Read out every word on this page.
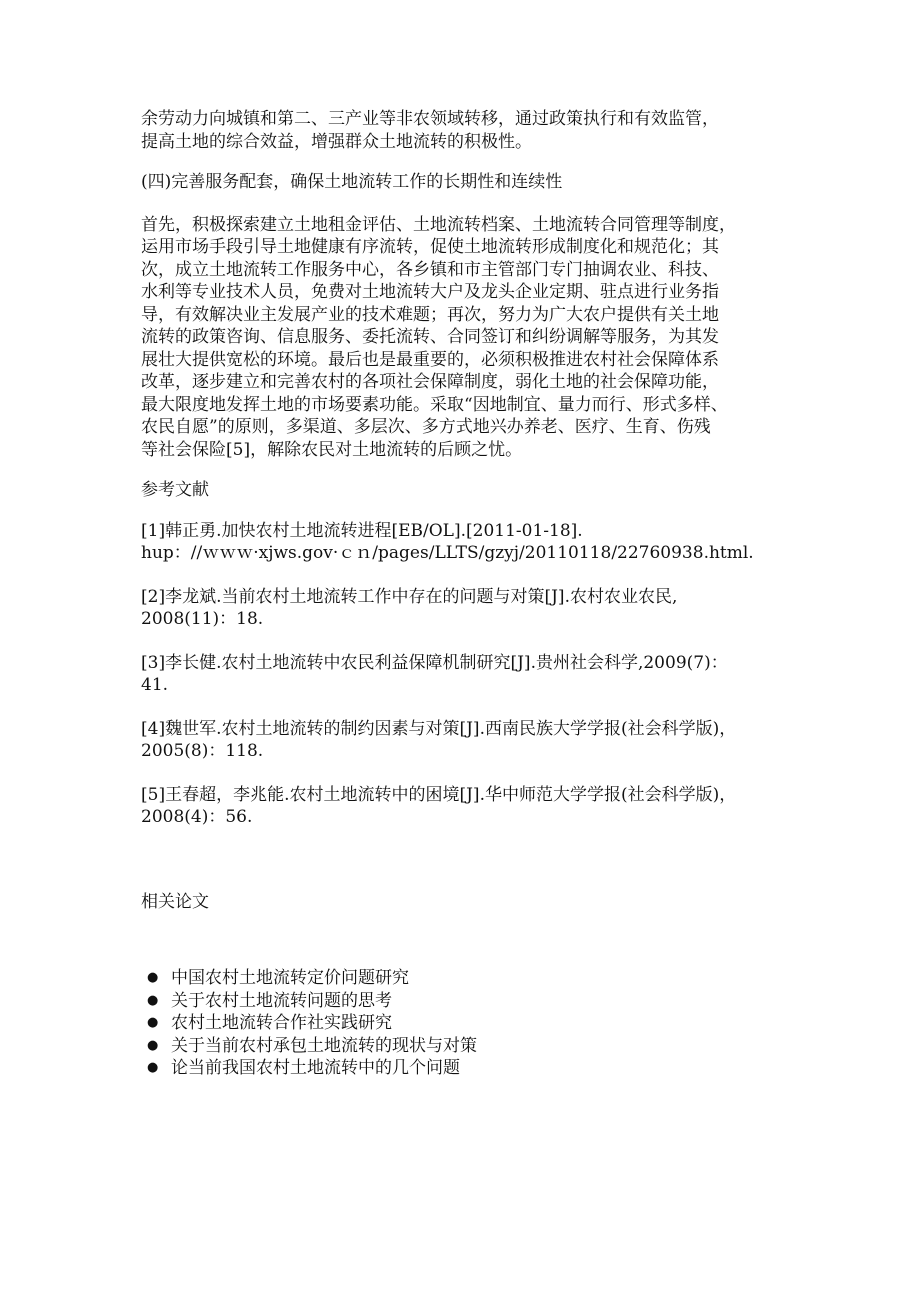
余劳动力向城镇和第二、三产业等非农领域转移，通过政策执行和有效监管，
提高土地的综合效益，增强群众土地流转的积极性。

(四)完善服务配套，确保土地流转工作的长期性和连续性

首先，积极探索建立土地租金评估、土地流转档案、土地流转合同管理等制度，
运用市场手段引导土地健康有序流转，促使土地流转形成制度化和规范化；其
次，成立土地流转工作服务中心，各乡镇和市主管部门专门抽调农业、科技、
水利等专业技术人员，免费对土地流转大户及龙头企业定期、驻点进行业务指
导，有效解决业主发展产业的技术难题；再次，努力为广大农户提供有关土地
流转的政策咨询、信息服务、委托流转、合同签订和纠纷调解等服务，为其发
展壮大提供宽松的环境。最后也是最重要的，必须积极推进农村社会保障体系
改革，逐步建立和完善农村的各项社会保障制度，弱化土地的社会保障功能，
最大限度地发挥土地的市场要素功能。采取“因地制宜、量力而行、形式多样、
农民自愿”的原则，多渠道、多层次、多方式地兴办养老、医疗、生育、伤残
等社会保险[5]，解除农民对土地流转的后顾之忧。

参考文献

[1]韩正勇.加快农村土地流转进程[EB/OL].[2011-01-18].
hup：//ｗｗｗ·xjws.gov·ｃｎ/pages/LLTS/gzyj/20110118/22760938.html.

[2]李龙斌.当前农村土地流转工作中存在的问题与对策[J].农村农业农民,
2008(11)：18.

[3]李长健.农村土地流转中农民利益保障机制研究[J].贵州社会科学,2009(7)：
41.

[4]魏世军.农村土地流转的制约因素与对策[J].西南民族大学学报(社会科学版)，
2005(8)：118.

[5]王春超，李兆能.农村土地流转中的困境[J].华中师范大学学报(社会科学版)，
2008(4)：56.

相关论文

● 中国农村土地流转定价问题研究
● 关于农村土地流转问题的思考
● 农村土地流转合作社实践研究
● 关于当前农村承包土地流转的现状与对策
● 论当前我国农村土地流转中的几个问题
